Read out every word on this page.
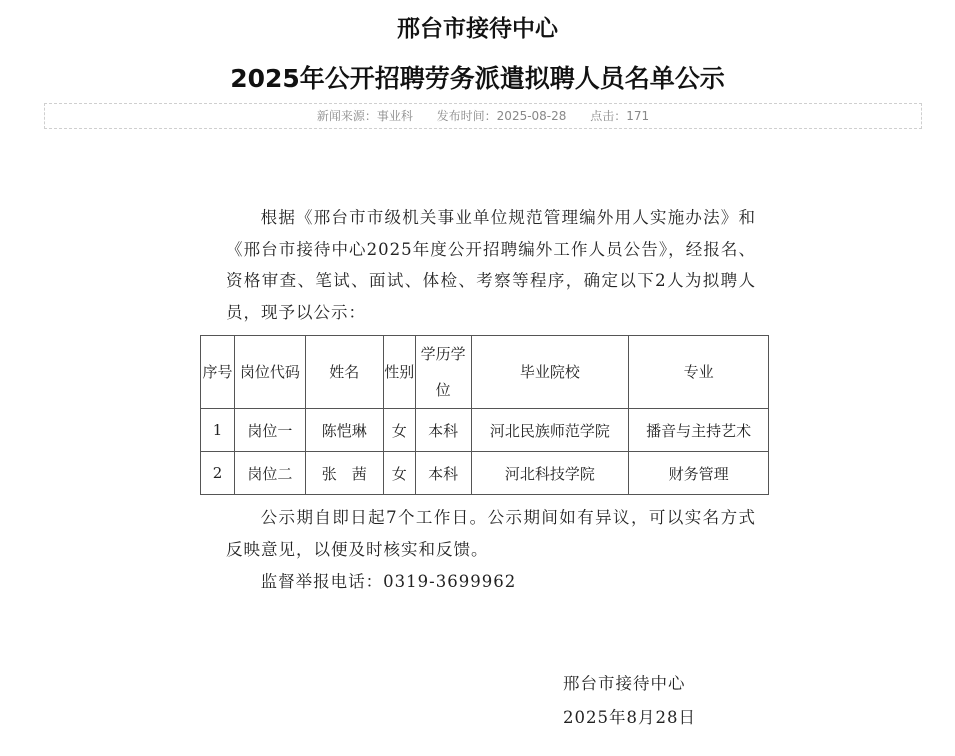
邢台市接待中心
2025年公开招聘劳务派遣拟聘人员名单公示
新闻来源：事业科 发布时间：2025-08-28 点击：171
根据《邢台市市级机关事业单位规范管理编外用人实施办法》和《邢台市接待中心2025年度公开招聘编外工作人员公告》，经报名、资格审查、笔试、面试、体检、考察等程序，确定以下2人为拟聘人员，现予以公示：
序号	岗位代码	姓名	性别	学历学位	毕业院校	专业
1	岗位一	陈恺琳	女	本科	河北民族师范学院	播音与主持艺术
2	岗位二	张　茜	女	本科	河北科技学院	财务管理
公示期自即日起7个工作日。公示期间如有异议，可以实名方式反映意见，以便及时核实和反馈。
监督举报电话：0319-3699962
邢台市接待中心
2025年8月28日
